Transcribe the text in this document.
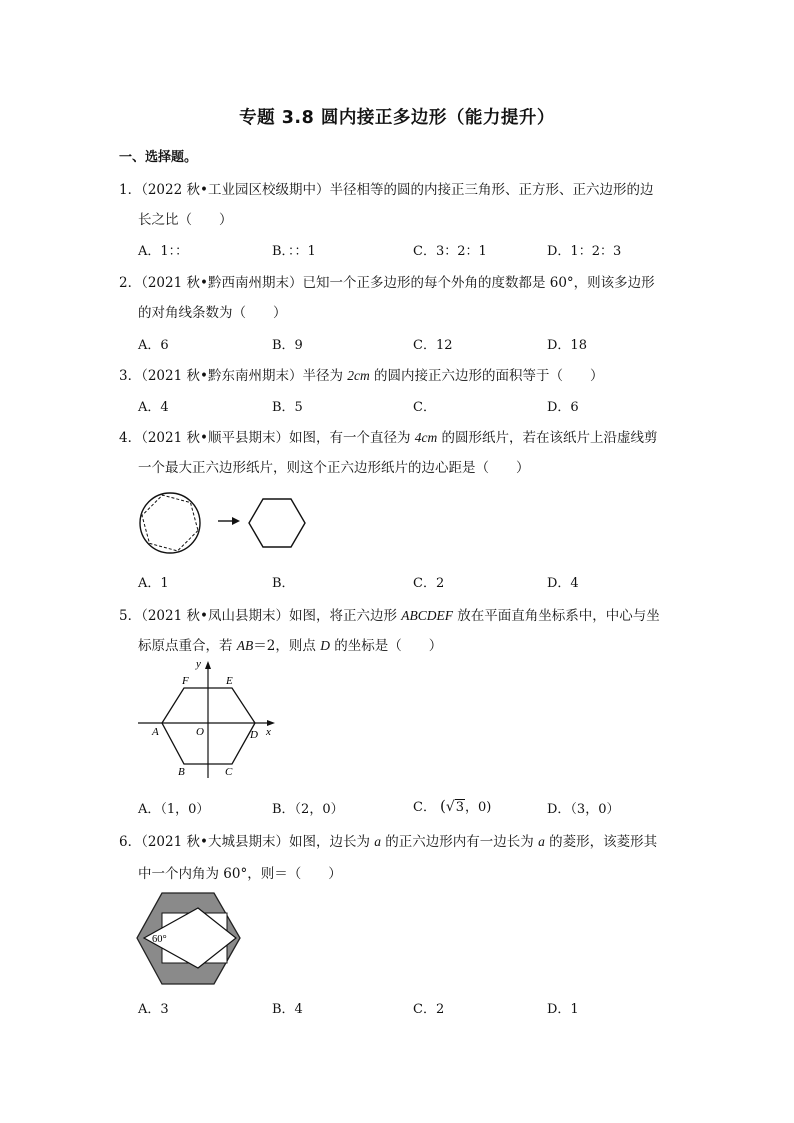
专题 3.8 圆内接正多边形（能力提升）
一、选择题。
1．（2022 秋•工业园区校级期中）半径相等的圆的内接正三角形、正方形、正六边形的边
长之比（　　）
A．1：：	B．：：1	C．3：2：1	D．1：2：3
2．（2021 秋•黔西南州期末）已知一个正多边形的每个外角的度数都是 60°，则该多边形
的对角线条数为（　　）
A．6	B．9	C．12	D．18
3．（2021 秋•黔东南州期末）半径为 2cm 的圆内接正六边形的面积等于（　　）
A．4	B．5	C．	D．6
4．（2021 秋•顺平县期末）如图，有一个直径为 4cm 的圆形纸片，若在该纸片上沿虚线剪
一个最大正六边形纸片，则这个正六边形纸片的边心距是（　　）
A．1	B．	C．2	D．4
5．（2021 秋•凤山县期末）如图，将正六边形 ABCDEF 放在平面直角坐标系中，中心与坐
标原点重合，若 AB＝2，则点 D 的坐标是（　　）
F	E
A	O	D
B	C
x
y
A．（1，0）	B．（2，0）	C． (√3，0)	D．（3，0）
6．（2021 秋•大城县期末）如图，边长为 a 的正六边形内有一边长为 a 的菱形，该菱形其
中一个内角为 60°，则＝（　　）
60°
A．3	B．4	C．2	D．1
